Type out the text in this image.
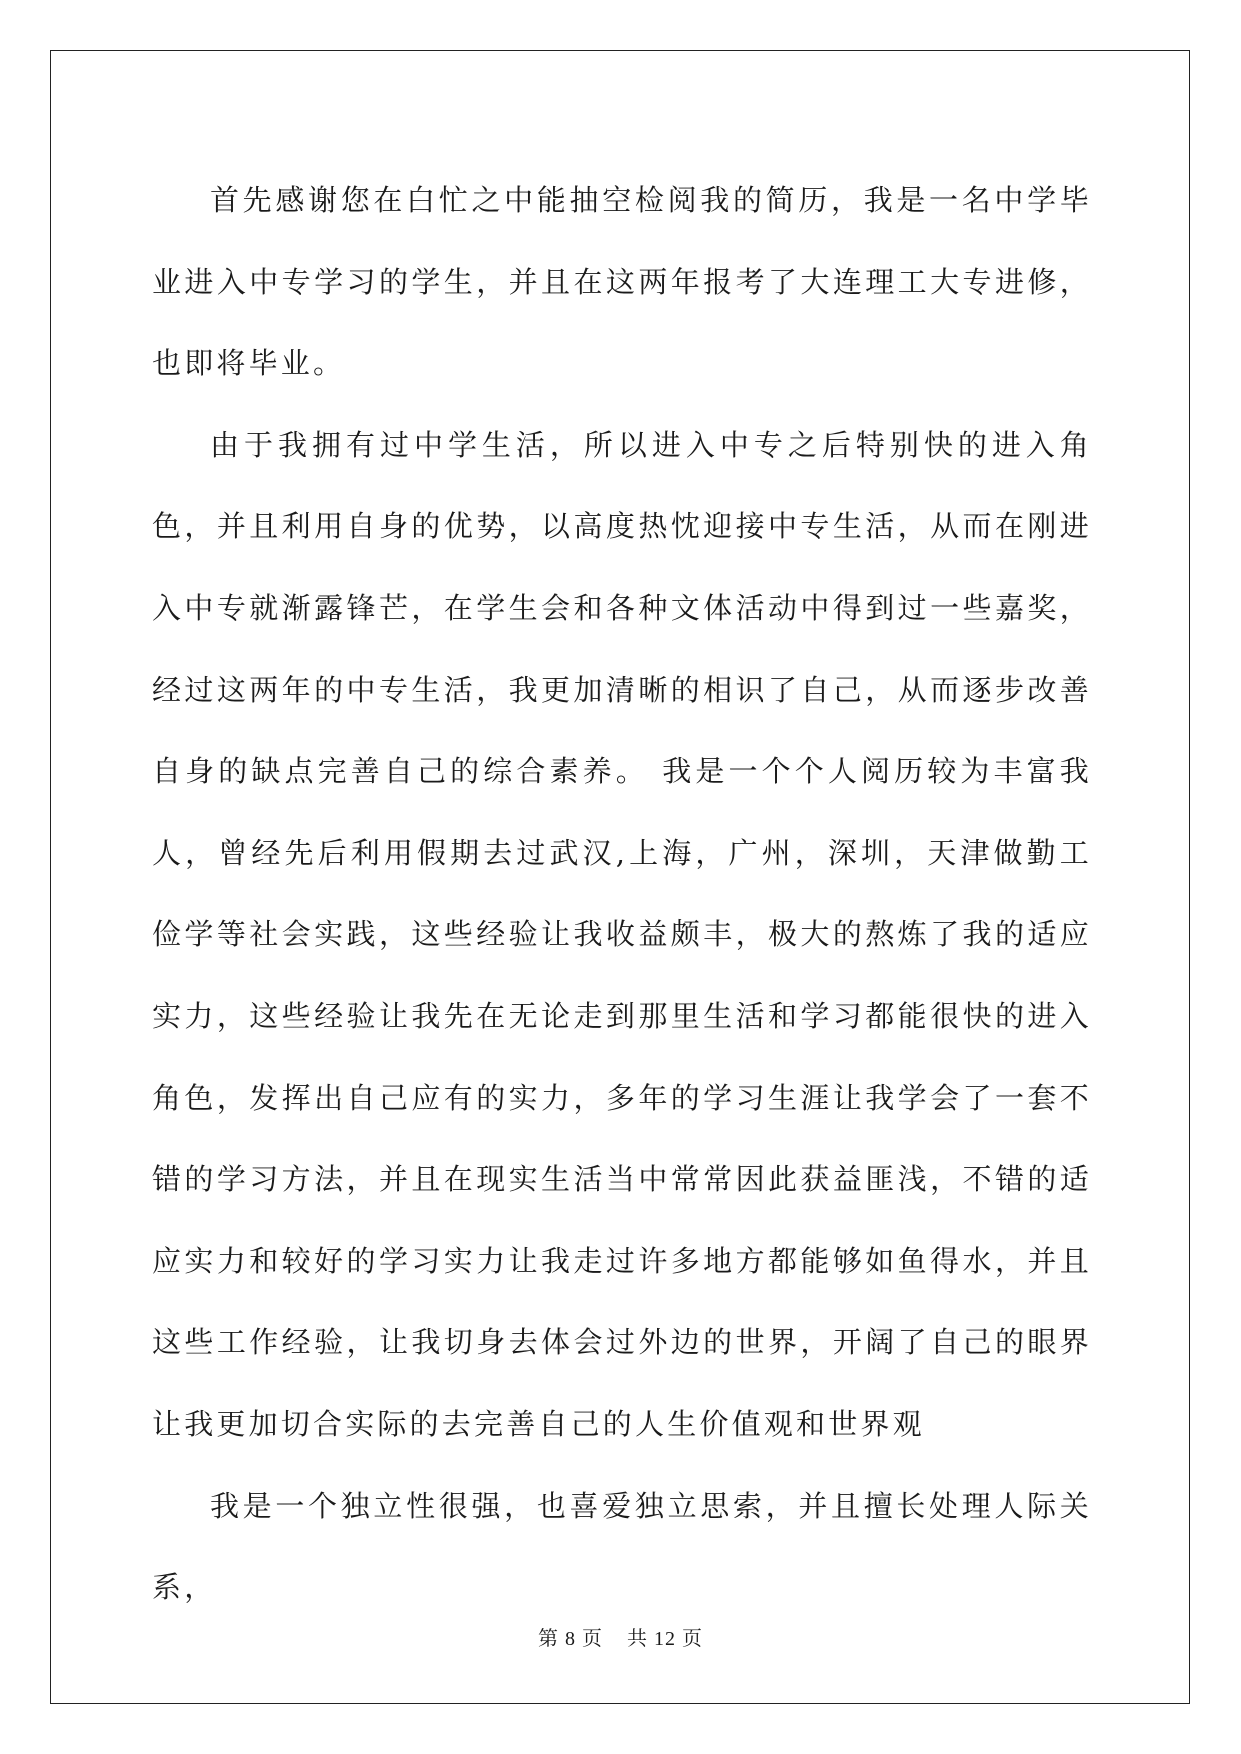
首先感谢您在白忙之中能抽空检阅我的简历，我是一名中学毕业进入中专学习的学生，并且在这两年报考了大连理工大专进修，也即将毕业。

由于我拥有过中学生活，所以进入中专之后特别快的进入角色，并且利用自身的优势，以高度热忱迎接中专生活，从而在刚进入中专就渐露锋芒，在学生会和各种文体活动中得到过一些嘉奖，经过这两年的中专生活，我更加清晰的相识了自己，从而逐步改善自身的缺点完善自己的综合素养。 我是一个个人阅历较为丰富我人，曾经先后利用假期去过武汉,上海，广州，深圳，天津做勤工俭学等社会实践，这些经验让我收益颇丰，极大的熬炼了我的适应实力，这些经验让我先在无论走到那里生活和学习都能很快的进入角色，发挥出自己应有的实力，多年的学习生涯让我学会了一套不错的学习方法，并且在现实生活当中常常因此获益匪浅，不错的适应实力和较好的学习实力让我走过许多地方都能够如鱼得水，并且这些工作经验，让我切身去体会过外边的世界，开阔了自己的眼界让我更加切合实际的去完善自己的人生价值观和世界观

我是一个独立性很强，也喜爱独立思索，并且擅长处理人际关系，

第 8 页 共 12 页
